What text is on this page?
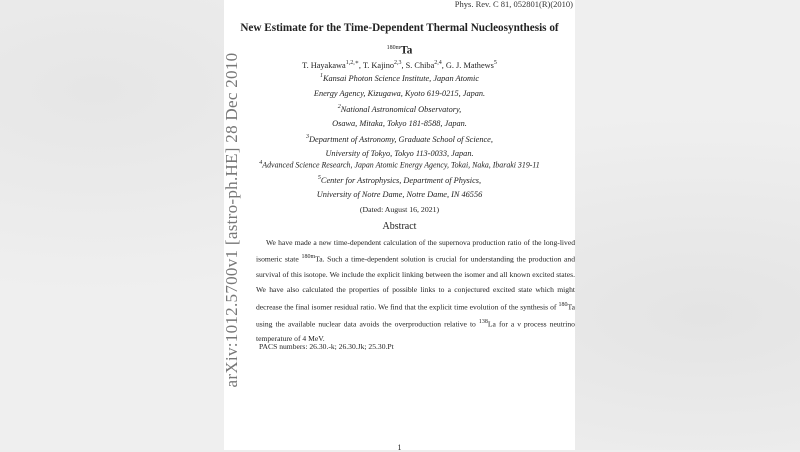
Phys. Rev. C 81, 052801(R)(2010)
New Estimate for the Time-Dependent Thermal Nucleosynthesis of
$^{180m}$Ta
T. Hayakawa$^{1,2,∗}$, T. Kajino$^{2,3}$, S. Chiba$^{2,4}$, G. J. Mathews$^5$
$^1$Kansai Photon Science Institute, Japan Atomic
Energy Agency, Kizugawa, Kyoto 619-0215, Japan.
$^2$National Astronomical Observatory,
Osawa, Mitaka, Tokyo 181-8588, Japan.
$^3$Department of Astronomy, Graduate School of Science,
University of Tokyo, Tokyo 113-0033, Japan.
$^4$Advanced Science Research, Japan Atomic Energy Agency, Tokai, Naka, Ibaraki 319-11
$^5$Center for Astrophysics, Department of Physics,
University of Notre Dame, Notre Dame, IN 46556
(Dated: August 16, 2021)
Abstract
We have made a new time-dependent calculation of the supernova production ratio of the long-lived isomeric state $^{180m}$Ta. Such a time-dependent solution is crucial for understanding the production and survival of this isotope. We include the explicit linking between the isomer and all known excited states. We have also calculated the properties of possible links to a conjectured excited state which might decrease the final isomer residual ratio. We find that the explicit time evolution of the synthesis of $^{180}$Ta using the available nuclear data avoids the overproduction relative to $^{138}$La for a ν process neutrino temperature of 4 MeV.
PACS numbers: 26.30.-k; 26.30.Jk; 25.30.Pt
1
arXiv:1012.5700v1 [astro-ph.HE] 28 Dec 2010
